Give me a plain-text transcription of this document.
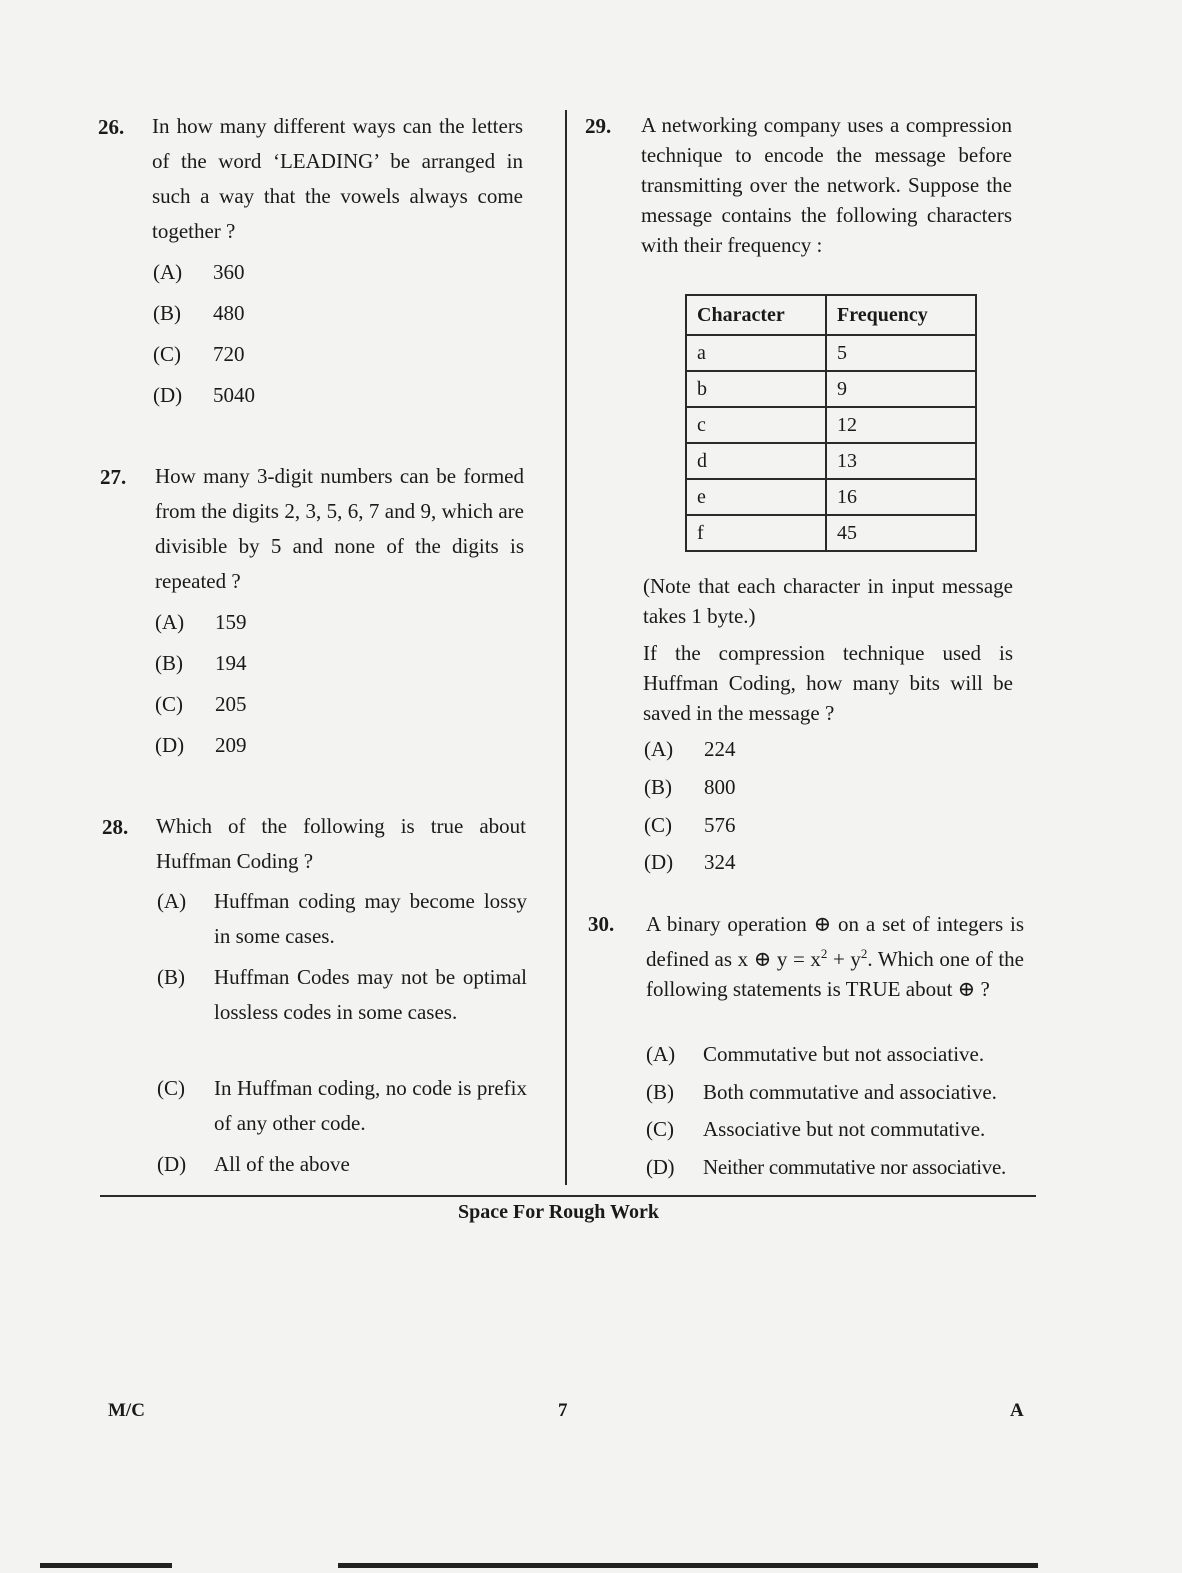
26. In how many different ways can the letters of the word ‘LEADING’ be arranged in such a way that the vowels always come together ?
(A) 360
(B) 480
(C) 720
(D) 5040
27. How many 3-digit numbers can be formed from the digits 2, 3, 5, 6, 7 and 9, which are divisible by 5 and none of the digits is repeated ?
(A) 159
(B) 194
(C) 205
(D) 209
28. Which of the following is true about Huffman Coding ?
(A) Huffman coding may become lossy in some cases.
(B) Huffman Codes may not be optimal lossless codes in some cases.
(C) In Huffman coding, no code is prefix of any other code.
(D) All of the above
29. A networking company uses a compression technique to encode the message before transmitting over the network. Suppose the message contains the following characters with their frequency :
Character	Frequency
a	5
b	9
c	12
d	13
e	16
f	45
(Note that each character in input message takes 1 byte.)
If the compression technique used is Huffman Coding, how many bits will be saved in the message ?
(A) 224
(B) 800
(C) 576
(D) 324
30. A binary operation ⊕ on a set of integers is defined as x ⊕ $y = x^2 + y^2$. Which one of the following statements is TRUE about ⊕ ?
(A) Commutative but not associative.
(B) Both commutative and associative.
(C) Associative but not commutative.
(D) Neither commutative nor associative.
Space For Rough Work
M/C	7	A
